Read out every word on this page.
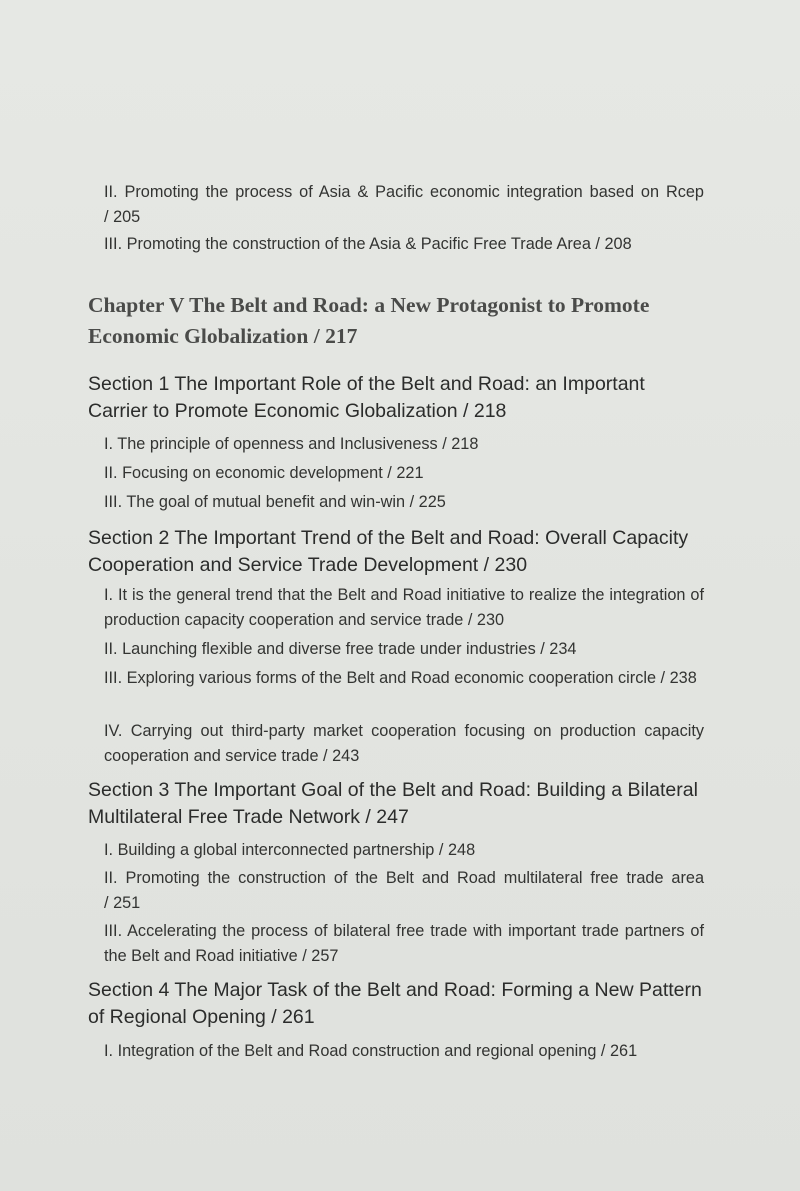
II. Promoting the process of Asia & Pacific economic integration based on Rcep / 205
III. Promoting the construction of the Asia & Pacific Free Trade Area / 208
Chapter V The Belt and Road: a New Protagonist to Promote Economic Globalization / 217
Section 1 The Important Role of the Belt and Road: an Important Carrier to Promote Economic Globalization / 218
I. The principle of openness and Inclusiveness / 218
II. Focusing on economic development / 221
III. The goal of mutual benefit and win-win / 225
Section 2 The Important Trend of the Belt and Road: Overall Capacity Cooperation and Service Trade Development / 230
I. It is the general trend that the Belt and Road initiative to realize the integration of production capacity cooperation and service trade / 230
II. Launching flexible and diverse free trade under industries / 234
III. Exploring various forms of the Belt and Road economic cooperation circle / 238
IV. Carrying out third-party market cooperation focusing on production capacity cooperation and service trade / 243
Section 3 The Important Goal of the Belt and Road: Building a Bilateral Multilateral Free Trade Network / 247
I. Building a global interconnected partnership / 248
II. Promoting the construction of the Belt and Road multilateral free trade area / 251
III. Accelerating the process of bilateral free trade with important trade partners of the Belt and Road initiative / 257
Section 4 The Major Task of the Belt and Road: Forming a New Pattern of Regional Opening / 261
I. Integration of the Belt and Road construction and regional opening / 261
